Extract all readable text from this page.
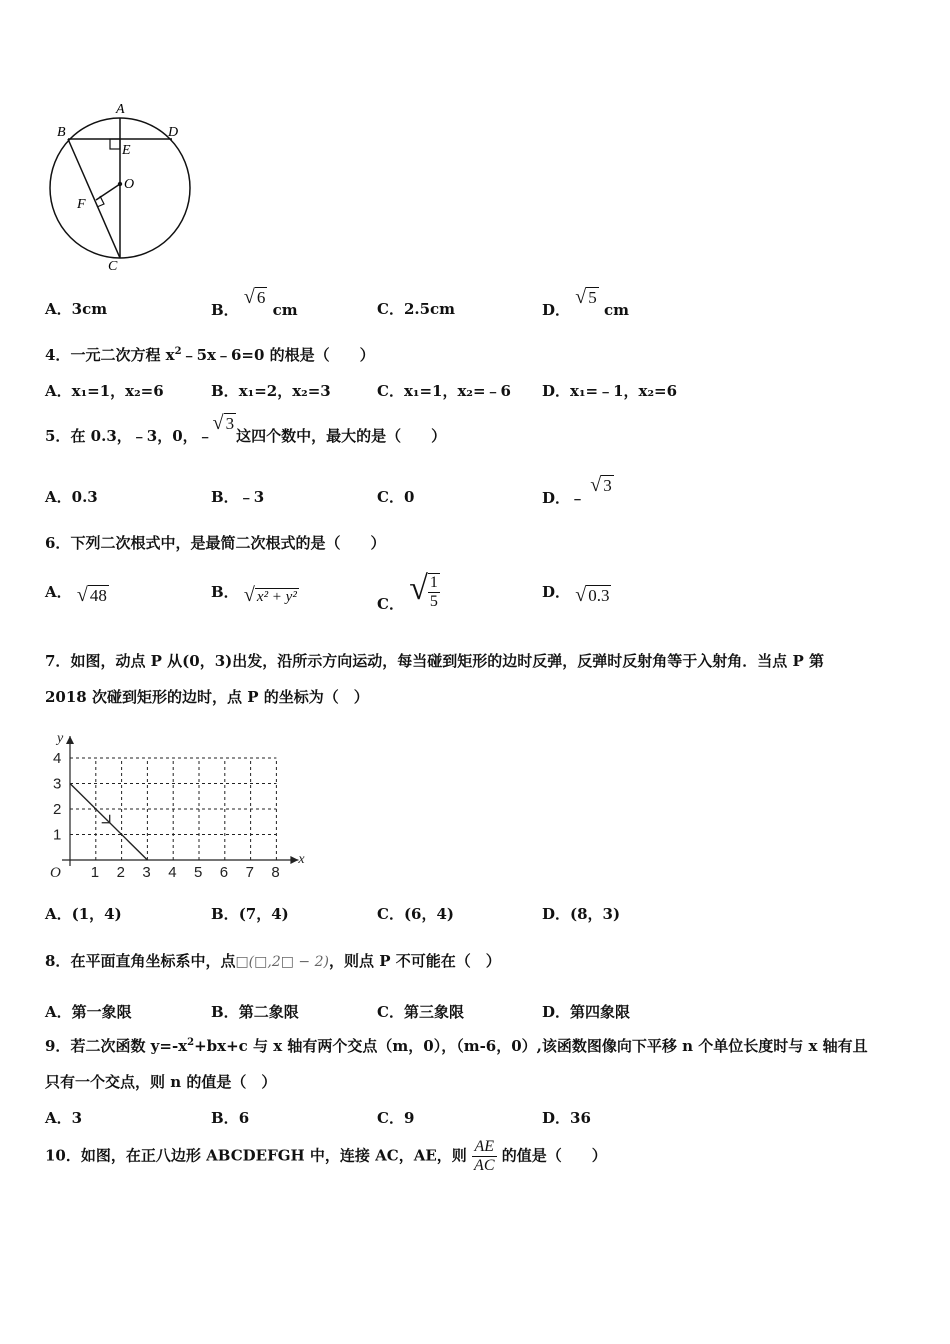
A
B	D
E
O
F
C
A．3cm	B． √ 6 cm	C．2.5cm	D． √ 5 cm
4．一元二次方程 $x^2﹣5x﹣6=0$ 的根是（　　）
A．x₁=1，x₂=6	B．x₁=2，x₂=3	C．x₁=1，x₂=﹣6 D．x₁=﹣1，x₂=6
5．在 0.3，﹣3，0，﹣√ 3这四个数中，最大的是（　　）
A．0.3	B．﹣3	C．0	D．﹣ √ 3
6．下列二次根式中，是最简二次根式的是（　　）
A． √ 48	B． √ x² + y²	C． √ $\frac{1}{5}$	D． √ 0.3
7．如图，动点 P 从(0，3)出发，沿所示方向运动，每当碰到矩形的边时反弹，反弹时反射角等于入射角．当点 P 第
2018 次碰到矩形的边时，点 P 的坐标为（　）
1 2 3 4 5 6 7 8
1
2
3
4
O
x
y
A．(1，4)	B．(7，4)	C．(6，4)	D．(8，3)
8．在平面直角坐标系中，点□(□,2□ − 2)，则点 P 不可能在（　）
A．第一象限	B．第二象限	C．第三象限	D．第四象限
9．若二次函数 $y=-x^2+bx+c$ 与 x 轴有两个交点（m，0），（m-6，0）,该函数图像向下平移 n 个单位长度时与 x 轴有且
只有一个交点，则 n 的值是（　）
A．3	B．6	C．9	D．36
10．如图，在正八边形 ABCDEFGH 中，连接 AC，AE，则 $\frac{AE}{AC}$ 的值是（　　）
